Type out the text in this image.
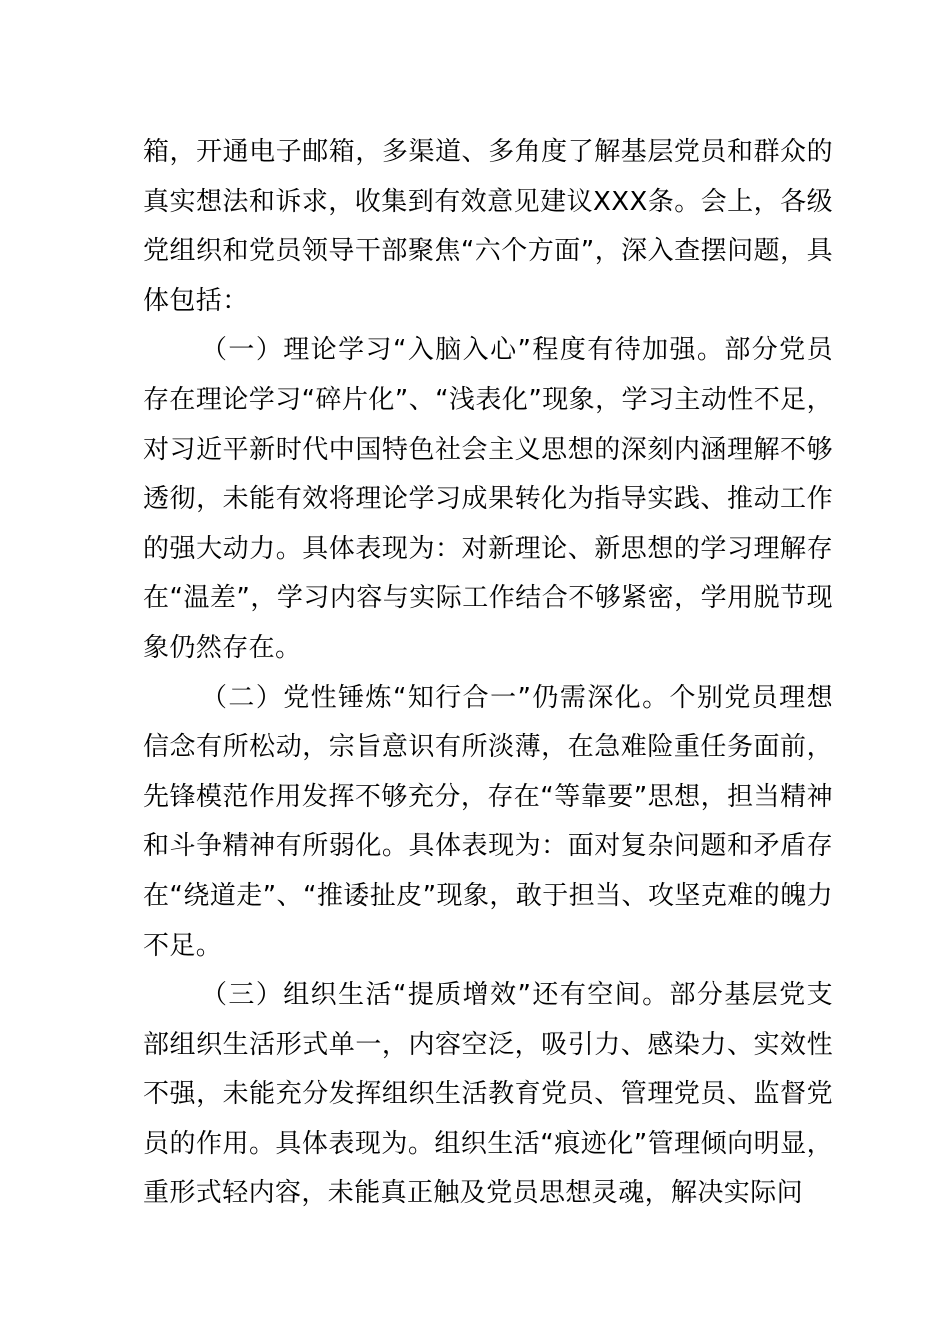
箱，开通电子邮箱，多渠道、多角度了解基层党员和群众的真实想法和诉求，收集到有效意见建议XXX条。会上，各级党组织和党员领导干部聚焦“六个方面”，深入查摆问题，具体包括：

（一）理论学习“入脑入心”程度有待加强。部分党员存在理论学习“碎片化”、“浅表化”现象，学习主动性不足，对习近平新时代中国特色社会主义思想的深刻内涵理解不够透彻，未能有效将理论学习成果转化为指导实践、推动工作的强大动力。具体表现为：对新理论、新思想的学习理解存在“温差”，学习内容与实际工作结合不够紧密，学用脱节现象仍然存在。

（二）党性锤炼“知行合一”仍需深化。个别党员理想信念有所松动，宗旨意识有所淡薄，在急难险重任务面前，先锋模范作用发挥不够充分，存在“等靠要”思想，担当精神和斗争精神有所弱化。具体表现为：面对复杂问题和矛盾存在“绕道走”、“推诿扯皮”现象，敢于担当、攻坚克难的魄力不足。

（三）组织生活“提质增效”还有空间。部分基层党支部组织生活形式单一，内容空泛，吸引力、感染力、实效性不强，未能充分发挥组织生活教育党员、管理党员、监督党员的作用。具体表现为。组织生活“痕迹化”管理倾向明显，重形式轻内容，未能真正触及党员思想灵魂，解决实际问
